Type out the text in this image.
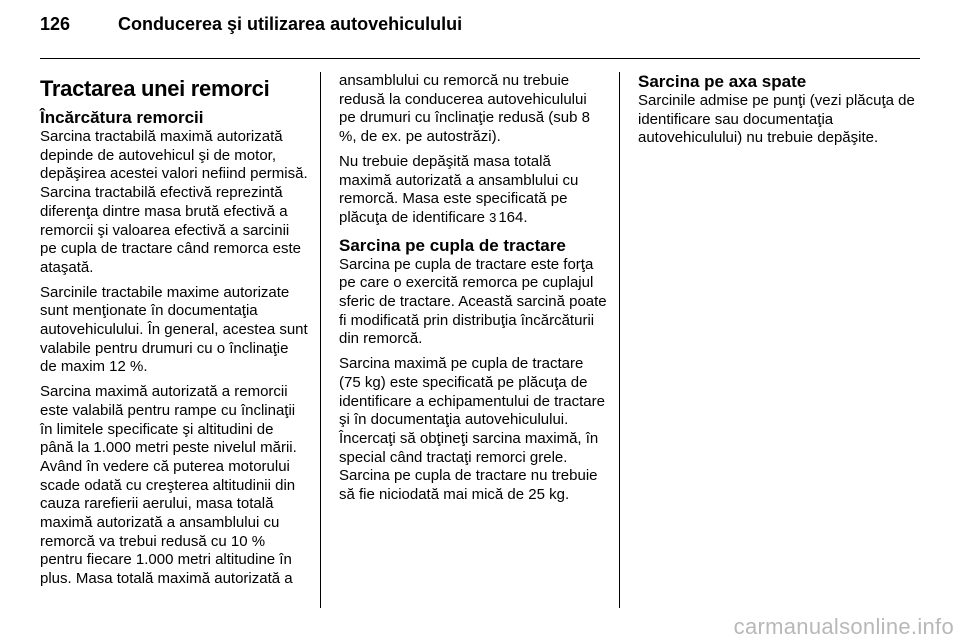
126	Conducerea şi utilizarea autovehiculului
Tractarea unei remorci
Încărcătura remorcii

Sarcina tractabilă maximă autorizată depinde de autovehicul şi de motor, depăşirea acestei valori nefiind permisă. Sarcina tractabilă efectivă reprezintă diferenţa dintre masa brută efectivă a remorcii şi valoarea efectivă a sarcinii pe cupla de tractare când remorca este ataşată.

Sarcinile tractabile maxime autorizate sunt menţionate în documentaţia autovehiculului. În general, acestea sunt valabile pentru drumuri cu o înclinaţie de maxim 12 %.

Sarcina maximă autorizată a remorcii este valabilă pentru rampe cu înclinaţii în limitele specificate şi altitudini de până la 1.000 metri peste nivelul mării. Având în vedere că puterea motorului scade odată cu creşterea altitudinii din cauza rarefierii aerului, masa totală maximă autorizată a ansamblului cu remorcă va trebui redusă cu 10 % pentru fiecare 1.000 metri altitudine în plus. Masa totală maximă autorizată a

ansamblului cu remorcă nu trebuie redusă la conducerea autovehiculului pe drumuri cu înclinaţie redusă (sub 8 %, de ex. pe autostrăzi).

Nu trebuie depăşită masa totală maximă autorizată a ansamblului cu remorcă. Masa este specificată pe plăcuţa de identificare 3 164.

Sarcina pe cupla de tractare

Sarcina pe cupla de tractare este forţa pe care o exercită remorca pe cuplajul sferic de tractare. Această sarcină poate fi modificată prin distribuţia încărcăturii din remorcă.

Sarcina maximă pe cupla de tractare (75 kg) este specificată pe plăcuţa de identificare a echipamentului de tractare şi în documentaţia autovehiculului. Încercaţi să obţineţi sarcina maximă, în special când tractaţi remorci grele. Sarcina pe cupla de tractare nu trebuie să fie niciodată mai mică de 25 kg.

Sarcina pe axa spate

Sarcinile admise pe punţi (vezi plăcuţa de identificare sau documentaţia autovehiculului) nu trebuie depăşite.

carmanualsonline.info
